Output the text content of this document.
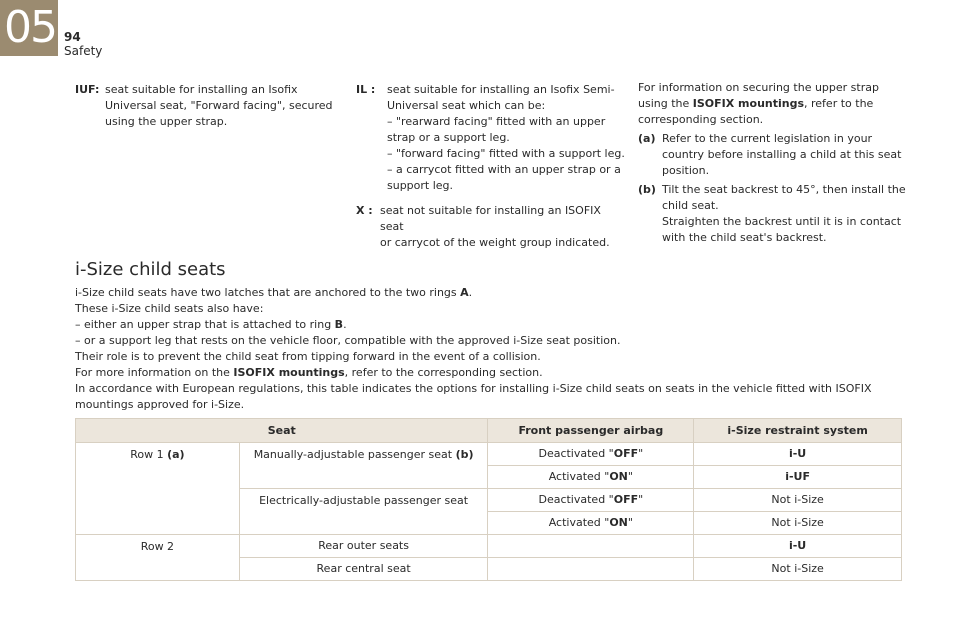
05 94
Safety
IUF: seat suitable for installing an Isofix
Universal seat, "Forward facing", secured
using the upper strap.
IL : seat suitable for installing an Isofix Semi-
Universal seat which can be:
– "rearward facing" fitted with an upper
strap or a support leg.
– "forward facing" fitted with a support leg.
– a carrycot fitted with an upper strap or a
support leg.
X : seat not suitable for installing an ISOFIX seat
or carrycot of the weight group indicated.
For information on securing the upper strap using the ISOFIX mountings, refer to the corresponding section.
(a) Refer to the current legislation in your country before installing a child at this seat position.
(b) Tilt the seat backrest to 45°, then install the child seat.
Straighten the backrest until it is in contact with the child seat's backrest.
i-Size child seats

i-Size child seats have two latches that are anchored to the two rings A.

These i-Size child seats also have:

– either an upper strap that is attached to ring B.

– or a support leg that rests on the vehicle floor, compatible with the approved i-Size seat position.

Their role is to prevent the child seat from tipping forward in the event of a collision.

For more information on the ISOFIX mountings, refer to the corresponding section.

In accordance with European regulations, this table indicates the options for installing i-Size child seats on seats in the vehicle fitted with ISOFIX mountings approved for i-Size.

Seat		Front passenger airbag	i-Size restraint system
Row 1 (a)	Manually-adjustable passenger seat (b)	Deactivated "OFF"	i-U
		Activated "ON"	i-UF
	Electrically-adjustable passenger seat	Deactivated "OFF"	Not i-Size
		Activated "ON"	Not i-Size
Row 2	Rear outer seats		i-U
	Rear central seat		Not i-Size
